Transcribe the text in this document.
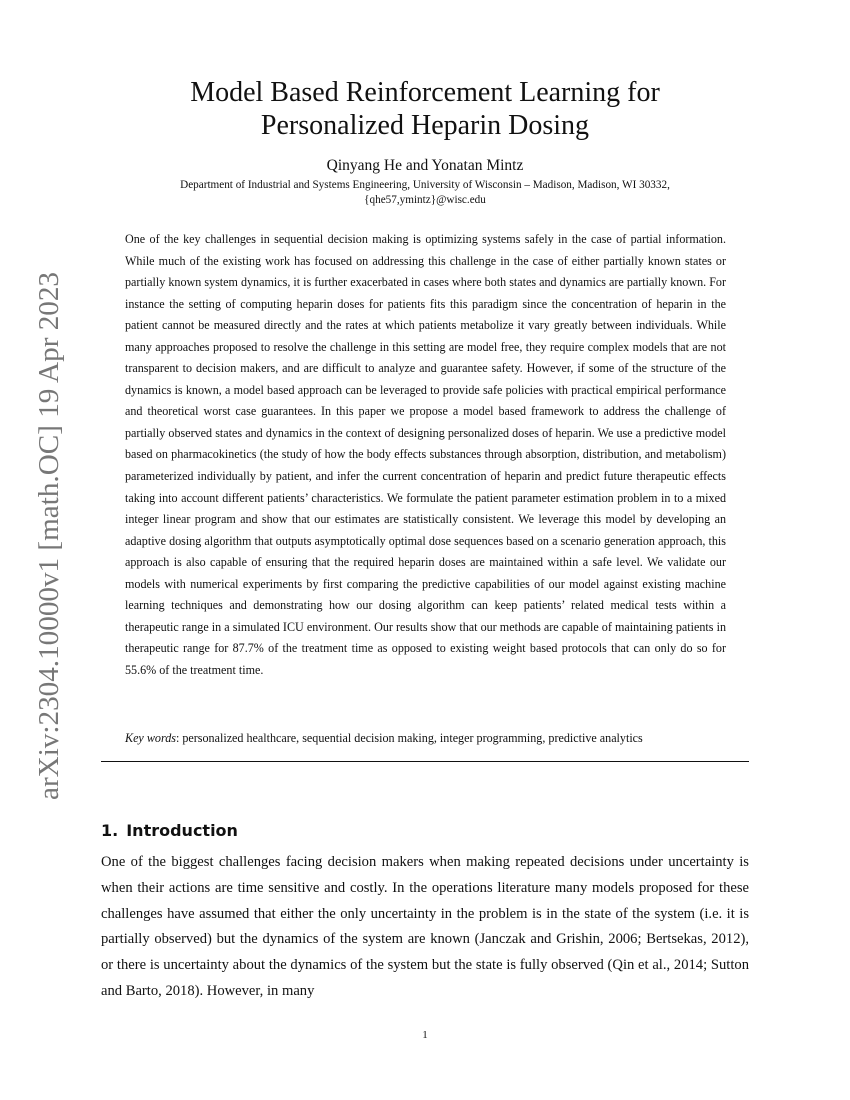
arXiv:2304.10000v1 [math.OC] 19 Apr 2023
Model Based Reinforcement Learning for
Personalized Heparin Dosing
Qinyang He and Yonatan Mintz
Department of Industrial and Systems Engineering, University of Wisconsin – Madison, Madison, WI 30332,
{qhe57,ymintz}@wisc.edu

One of the key challenges in sequential decision making is optimizing systems safely in the case of partial information. While much of the existing work has focused on addressing this challenge in the case of either partially known states or partially known system dynamics, it is further exacerbated in cases where both states and dynamics are partially known. For instance the setting of computing heparin doses for patients fits this paradigm since the concentration of heparin in the patient cannot be measured directly and the rates at which patients metabolize it vary greatly between individuals. While many approaches proposed to resolve the challenge in this setting are model free, they require complex models that are not transparent to decision makers, and are difficult to analyze and guarantee safety. However, if some of the structure of the dynamics is known, a model based approach can be leveraged to provide safe policies with practical empirical performance and theoretical worst case guarantees. In this paper we propose a model based framework to address the challenge of partially observed states and dynamics in the context of designing personalized doses of heparin. We use a predictive model based on pharmacokinetics (the study of how the body effects substances through absorption, distribution, and metabolism) parameterized individually by patient, and infer the current concentration of heparin and predict future therapeutic effects taking into account different patients’ characteristics. We formulate the patient parameter estimation problem in to a mixed integer linear program and show that our estimates are statistically consistent. We leverage this model by developing an adaptive dosing algorithm that outputs asymptotically optimal dose sequences based on a scenario generation approach, this approach is also capable of ensuring that the required heparin doses are maintained within a safe level. We validate our models with numerical experiments by first comparing the predictive capabilities of our model against existing machine learning techniques and demonstrating how our dosing algorithm can keep patients’ related medical tests within a therapeutic range in a simulated ICU environment. Our results show that our methods are capable of maintaining patients in therapeutic range for 87.7% of the treatment time as opposed to existing weight based protocols that can only do so for 55.6% of the treatment time.

Key words: personalized healthcare, sequential decision making, integer programming, predictive analytics
1. Introduction

One of the biggest challenges facing decision makers when making repeated decisions under uncertainty is when their actions are time sensitive and costly. In the operations literature many models proposed for these challenges have assumed that either the only uncertainty in the problem is in the state of the system (i.e. it is partially observed) but the dynamics of the system are known (Janczak and Grishin, 2006; Bertsekas, 2012), or there is uncertainty about the dynamics of the system but the state is fully observed (Qin et al., 2014; Sutton and Barto, 2018). However, in many

1
